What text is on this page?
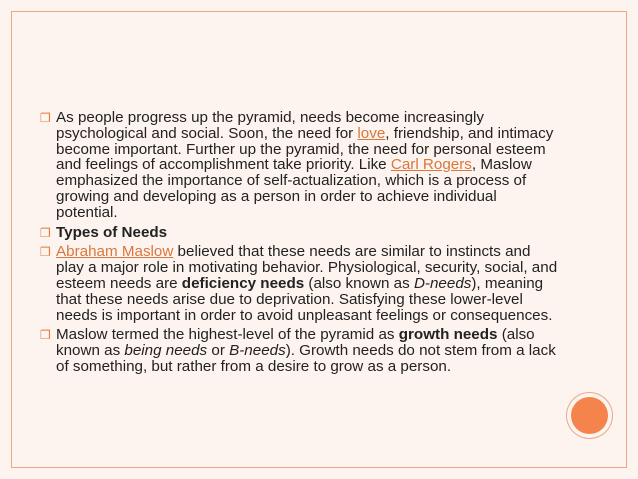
❒ As people progress up the pyramid, needs become increasingly psychological and social. Soon, the need for love, friendship, and intimacy become important. Further up the pyramid, the need for personal esteem and feelings of accomplishment take priority. Like Carl Rogers, Maslow emphasized the importance of self-actualization, which is a process of growing and developing as a person in order to achieve individual potential.
❒ Types of Needs
❒ Abraham Maslow believed that these needs are similar to instincts and play a major role in motivating behavior. Physiological, security, social, and esteem needs are deficiency needs (also known as D-needs), meaning that these needs arise due to deprivation. Satisfying these lower-level needs is important in order to avoid unpleasant feelings or consequences.
❒ Maslow termed the highest-level of the pyramid as growth needs (also known as being needs or B-needs). Growth needs do not stem from a lack of something, but rather from a desire to grow as a person.
